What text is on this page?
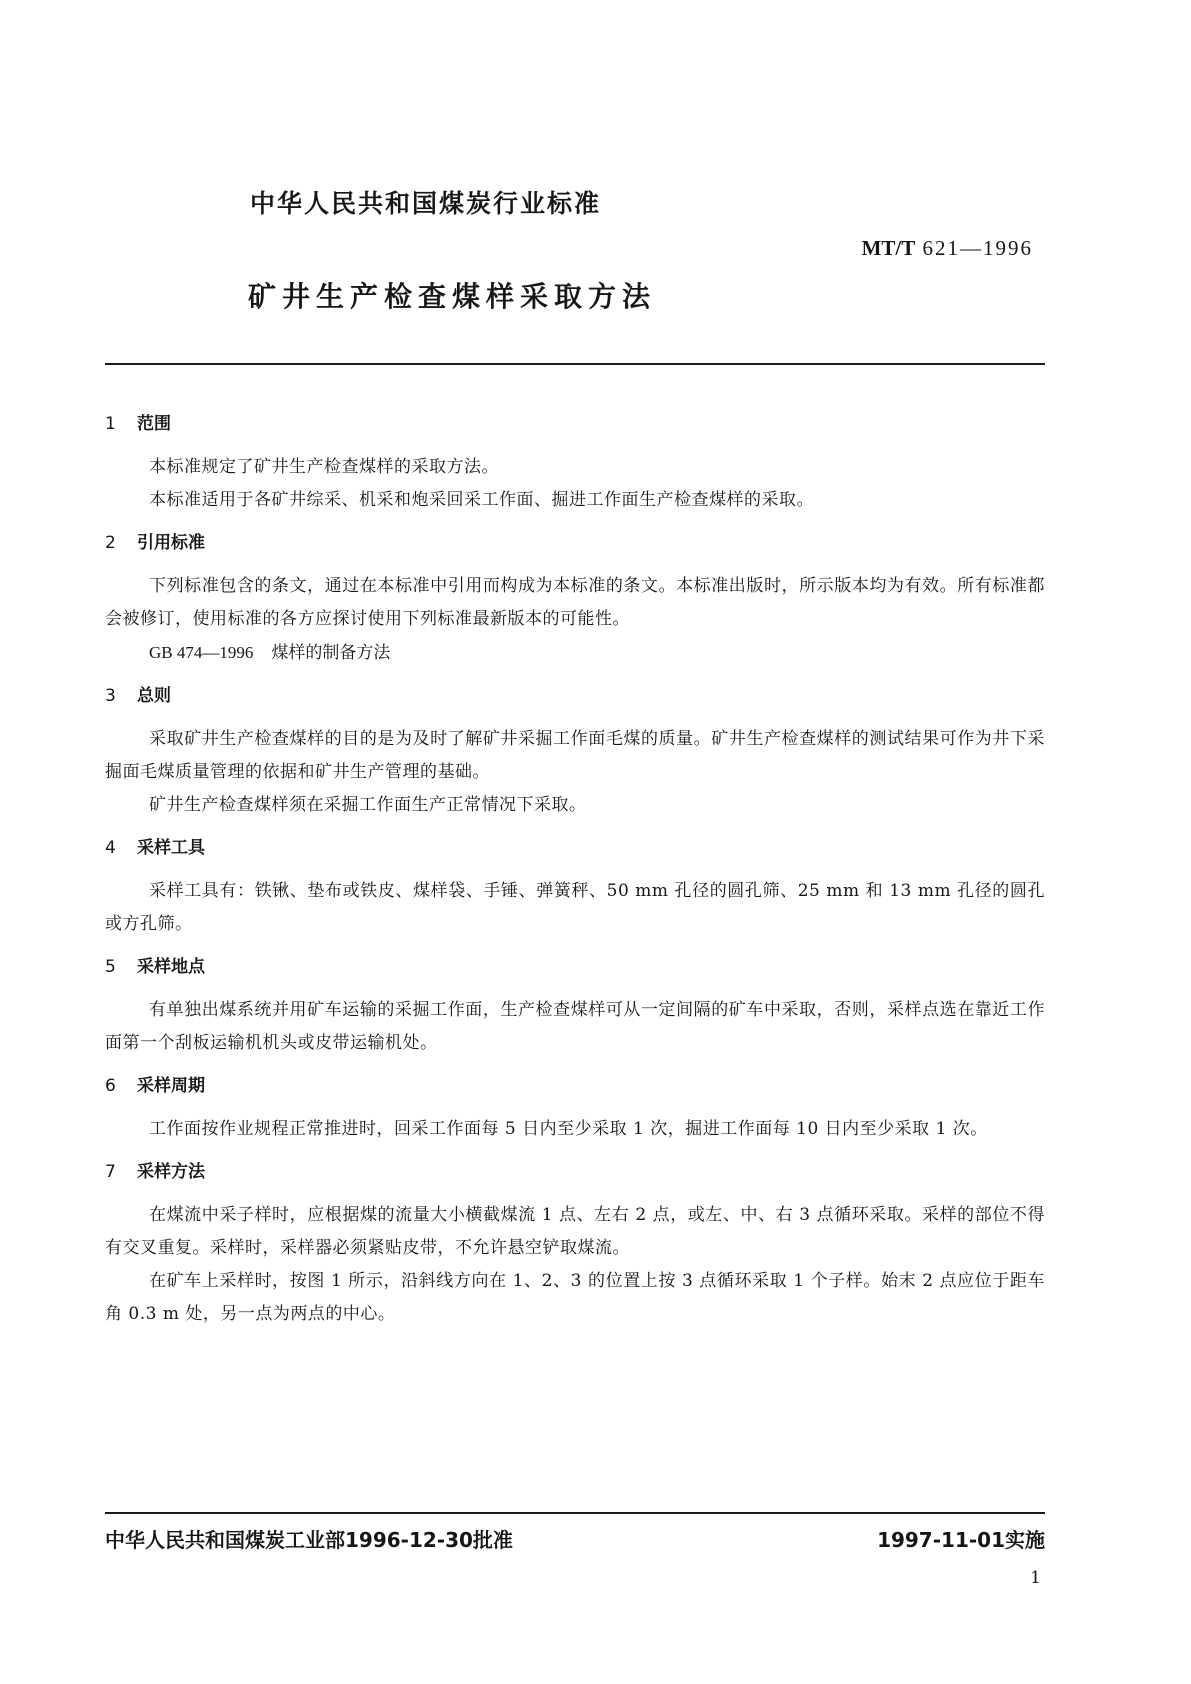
中华人民共和国煤炭行业标准
MT/T 621—1996
矿井生产检查煤样采取方法
1 范围

本标准规定了矿井生产检查煤样的采取方法。

本标准适用于各矿井综采、机采和炮采回采工作面、掘进工作面生产检查煤样的采取。

2 引用标准

下列标准包含的条文，通过在本标准中引用而构成为本标准的条文。本标准出版时，所示版本均为有效。所有标准都会被修订，使用标准的各方应探讨使用下列标准最新版本的可能性。

GB 474—1996 煤样的制备方法

3 总则

采取矿井生产检查煤样的目的是为及时了解矿井采掘工作面毛煤的质量。矿井生产检查煤样的测试结果可作为井下采掘面毛煤质量管理的依据和矿井生产管理的基础。

矿井生产检查煤样须在采掘工作面生产正常情况下采取。

4 采样工具

采样工具有：铁锹、垫布或铁皮、煤样袋、手锤、弹簧秤、50 mm 孔径的圆孔筛、25 mm 和 13 mm 孔径的圆孔或方孔筛。

5 采样地点

有单独出煤系统并用矿车运输的采掘工作面，生产检查煤样可从一定间隔的矿车中采取，否则，采样点选在靠近工作面第一个刮板运输机机头或皮带运输机处。

6 采样周期

工作面按作业规程正常推进时，回采工作面每 5 日内至少采取 1 次，掘进工作面每 10 日内至少采取 1 次。

7 采样方法

在煤流中采子样时，应根据煤的流量大小横截煤流 1 点、左右 2 点，或左、中、右 3 点循环采取。采样的部位不得有交叉重复。采样时，采样器必须紧贴皮带，不允许悬空铲取煤流。

在矿车上采样时，按图 1 所示，沿斜线方向在 1、2、3 的位置上按 3 点循环采取 1 个子样。始末 2 点应位于距车角 0.3 m 处，另一点为两点的中心。

中华人民共和国煤炭工业部1996-12-30批准	1997-11-01实施
1
